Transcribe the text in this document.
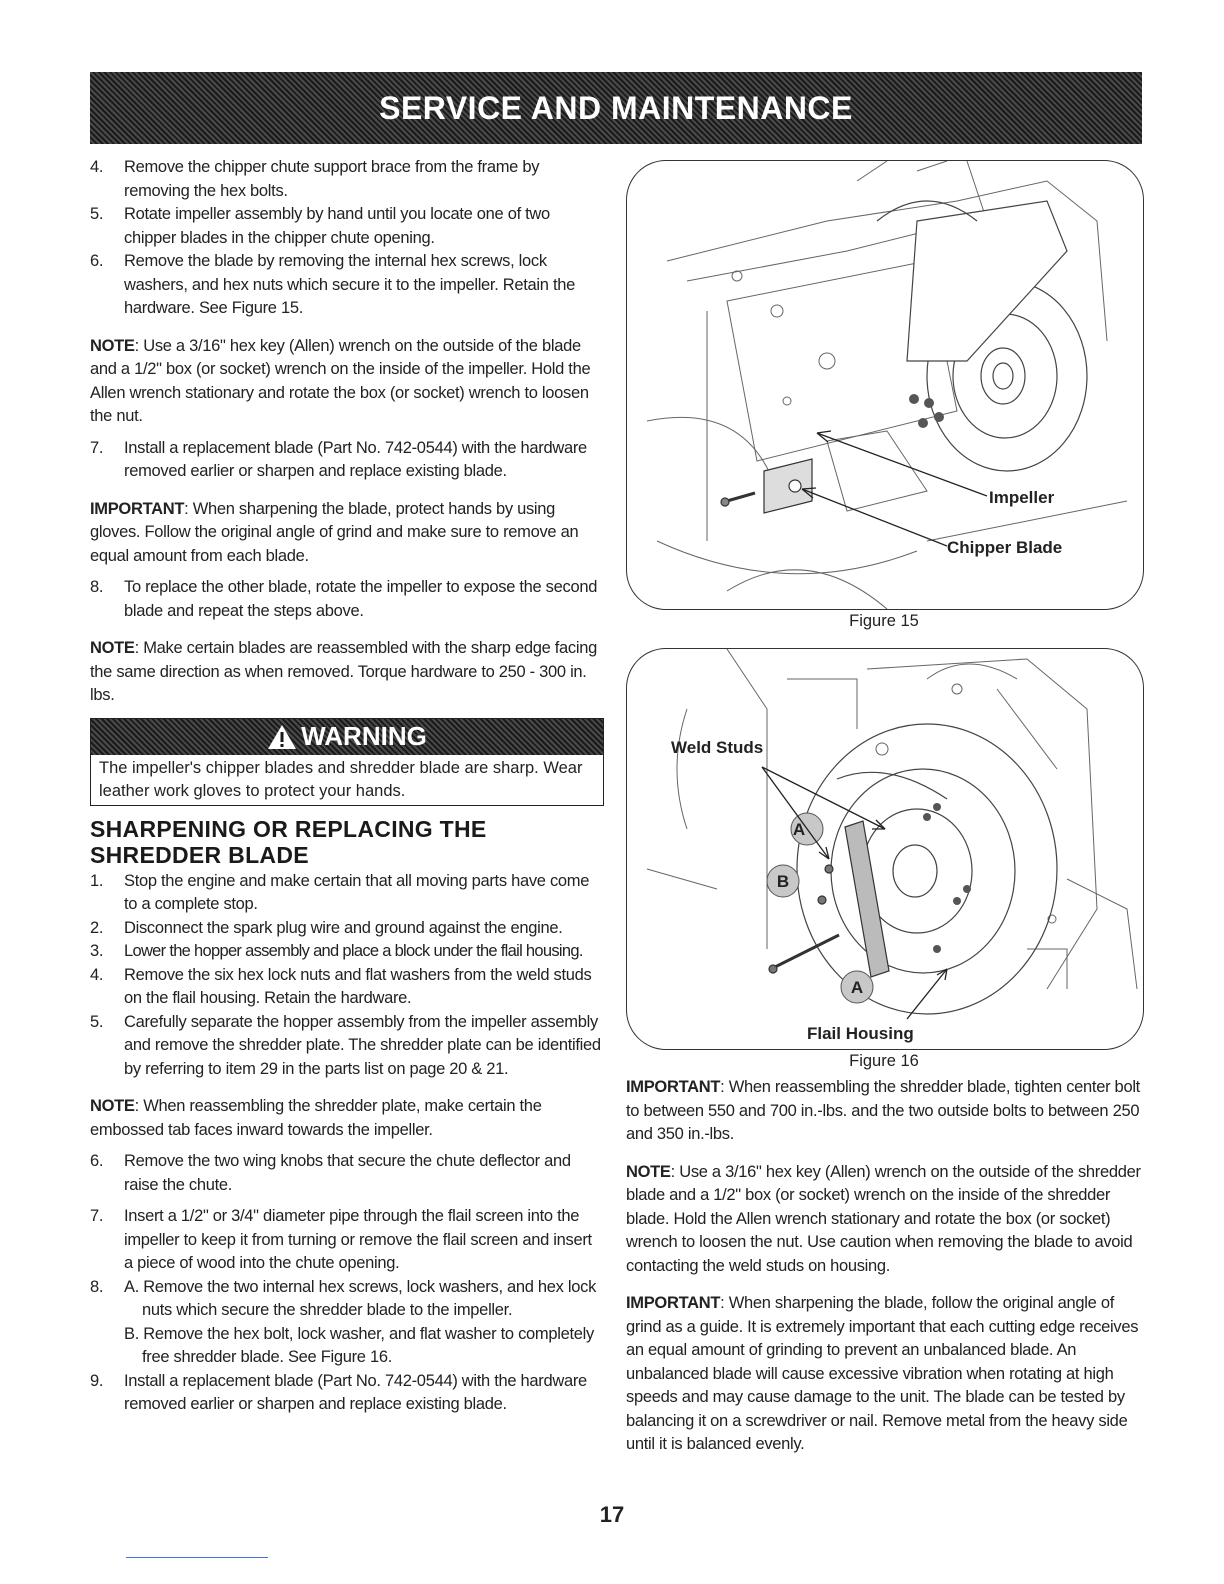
SERVICE AND MAINTENANCE
4.	Remove the chipper chute support brace from the frame by removing the hex bolts.
5.	Rotate impeller assembly by hand until you locate one of two chipper blades in the chipper chute opening.
6.	Remove the blade by removing the internal hex screws, lock washers, and hex nuts which secure it to the impeller. Retain the hardware. See Figure 15.

NOTE: Use a 3/16" hex key (Allen) wrench on the outside of the blade and a 1/2" box (or socket) wrench on the inside of the impeller. Hold the Allen wrench stationary and rotate the box (or socket) wrench to loosen the nut.

7.	Install a replacement blade (Part No. 742-0544) with the hardware removed earlier or sharpen and replace existing blade.

IMPORTANT: When sharpening the blade, protect hands by using gloves. Follow the original angle of grind and make sure to remove an equal amount from each blade.

8.	To replace the other blade, rotate the impeller to expose the second blade and repeat the steps above.

NOTE: Make certain blades are reassembled with the sharp edge facing the same direction as when removed. Torque hardware to 250 - 300 in. lbs.

WARNING
The impeller's chipper blades and shredder blade are sharp. Wear leather work gloves to protect your hands.
SHARPENING OR REPLACING THE
SHREDDER BLADE
1.	Stop the engine and make certain that all moving parts have come to a complete stop.
2.	Disconnect the spark plug wire and ground against the engine.
3.	Lower the hopper assembly and place a block under the flail housing.
4.	Remove the six hex lock nuts and flat washers from the weld studs on the flail housing. Retain the hardware.
5.	Carefully separate the hopper assembly from the impeller assembly and remove the shredder plate. The shredder plate can be identified by referring to item 29 in the parts list on page 20 & 21.

NOTE: When reassembling the shredder plate, make certain the embossed tab faces inward towards the impeller.

6.	Remove the two wing knobs that secure the chute deflector and raise the chute.
7.	Insert a 1/2" or 3/4" diameter pipe through the flail screen into the impeller to keep it from turning or remove the flail screen and insert a piece of wood into the chute opening.
8.	A. Remove the two internal hex screws, lock washers, and hex lock nuts which secure the shredder blade to the impeller.
B. Remove the hex bolt, lock washer, and flat washer to completely free shredder blade. See Figure 16.
9.	Install a replacement blade (Part No. 742-0544) with the hardware removed earlier or sharpen and replace existing blade.
Impeller
Chipper Blade
Figure 15
A
B
A
Weld Studs
Flail Housing
Figure 16

IMPORTANT: When reassembling the shredder blade, tighten center bolt to between 550 and 700 in.-lbs. and the two outside bolts to between 250 and 350 in.-lbs.

NOTE: Use a 3/16" hex key (Allen) wrench on the outside of the shredder blade and a 1/2" box (or socket) wrench on the inside of the shredder blade. Hold the Allen wrench stationary and rotate the box (or socket) wrench to loosen the nut. Use caution when removing the blade to avoid contacting the weld studs on housing.

IMPORTANT: When sharpening the blade, follow the original angle of grind as a guide. It is extremely important that each cutting edge receives an equal amount of grinding to prevent an unbalanced blade. An unbalanced blade will cause excessive vibration when rotating at high speeds and may cause damage to the unit. The blade can be tested by balancing it on a screwdriver or nail. Remove metal from the heavy side until it is balanced evenly.

17
